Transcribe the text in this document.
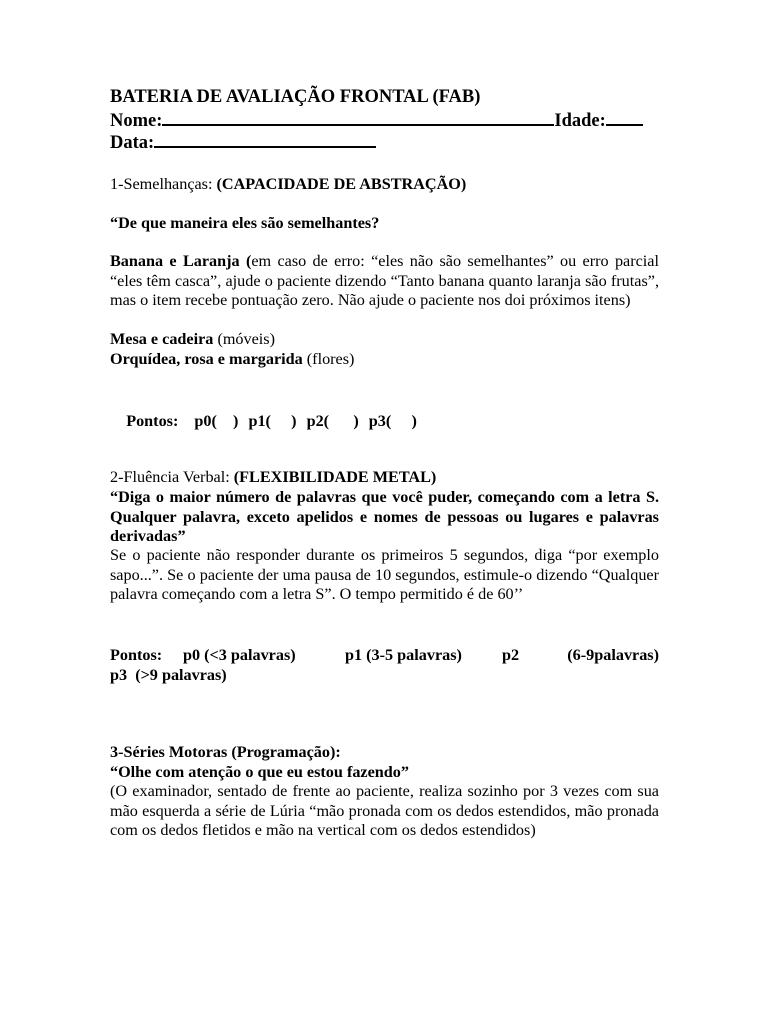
BATERIA DE AVALIAÇÃO FRONTAL (FAB)
Nome:	Idade:
Data:
1-Semelhanças: (CAPACIDADE DE ABSTRAÇÃO)
“De que maneira eles são semelhantes?
Banana e Laranja (em caso de erro: “eles não são semelhantes” ou erro parcial “eles têm casca”, ajude o paciente dizendo “Tanto banana quanto laranja são frutas”, mas o item recebe pontuação zero. Não ajude o paciente nos doi próximos itens)
Mesa e cadeira (móveis)
Orquídea, rosa e margarida (flores)

Pontos: p0(    ) p1(     ) p2(      ) p3(     )

2-Fluência Verbal: (FLEXIBILIDADE METAL)
“Diga o maior número de palavras que você puder, começando com a letra S. Qualquer palavra, exceto apelidos e nomes de pessoas ou lugares e palavras derivadas”
Se o paciente não responder durante os primeiros 5 segundos, diga “por exemplo sapo...”. Se o paciente der uma pausa de 10 segundos, estimule-o dizendo “Qualquer palavra começando com a letra S”. O tempo permitido é de 60’’
Pontos: p0 (<3 palavras)	p1 (3-5 palavras) p2	(6-9palavras)
p3  (>9 palavras)
3-Séries Motoras (Programação):
“Olhe com atenção o que eu estou fazendo”
(O examinador, sentado de frente ao paciente, realiza sozinho por 3 vezes com sua mão esquerda a série de Lúria “mão pronada com os dedos estendidos, mão pronada com os dedos fletidos e mão na vertical com os dedos estendidos)
